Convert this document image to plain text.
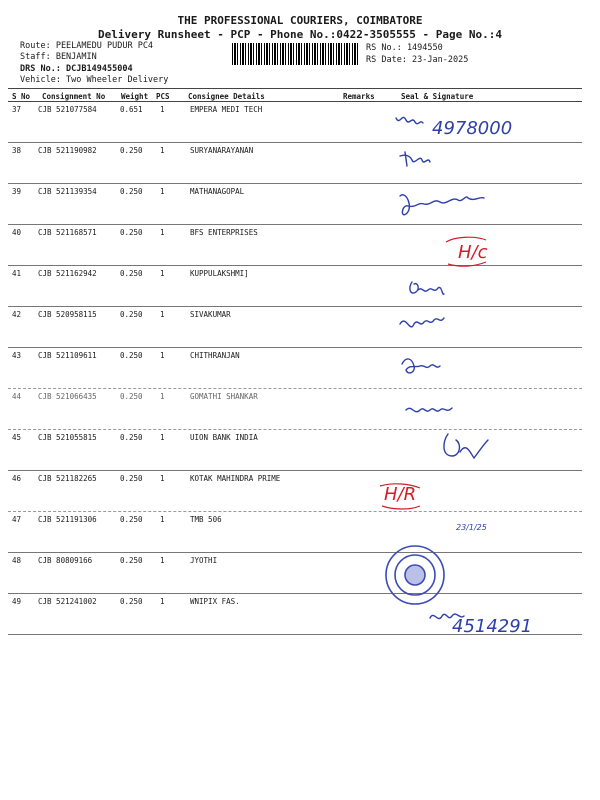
THE PROFESSIONAL COURIERS, COIMBATORE
Delivery Runsheet - PCP - Phone No.:0422-3505555 - Page No.:4
Route: PEELAMEDU PUDUR PC4
Staff: BENJAMIN
DRS No.: DCJB149455004
Vehicle: Two Wheeler Delivery
RS No.: 1494550
RS Date: 23-Jan-2025
S No Consignment No Weight PCS Consignee Details	Remarks	Seal & Signature
37 CJB 521077584	0.651 1	EMPERA MEDI TECH
38 CJB 521190982	0.250 1	SURYANARAYANAN
39 CJB 521139354	0.250 1	MATHANAGOPAL
40 CJB 521168571	0.250 1	BFS ENTERPRISES
41 CJB 521162942	0.250 1	KUPPULAKSHMI]
42 CJB 520958115	0.250 1	SIVAKUMAR
43 CJB 521109611	0.250 1	CHITHRANJAN
44 CJB 521066435	0.250 1	GOMATHI SHANKAR
45 CJB 521055815	0.250 1	UION BANK INDIA
46 CJB 521182265	0.250 1	KOTAK MAHINDRA PRIME
47 CJB 521191306	0.250 1	TMB 506
48 CJB 80809166	0.250 1	JYOTHI
49 CJB 521241002	0.250 1	WNIPIX FAS.
4978000
23/1/25
4514291
H/c
H/R
